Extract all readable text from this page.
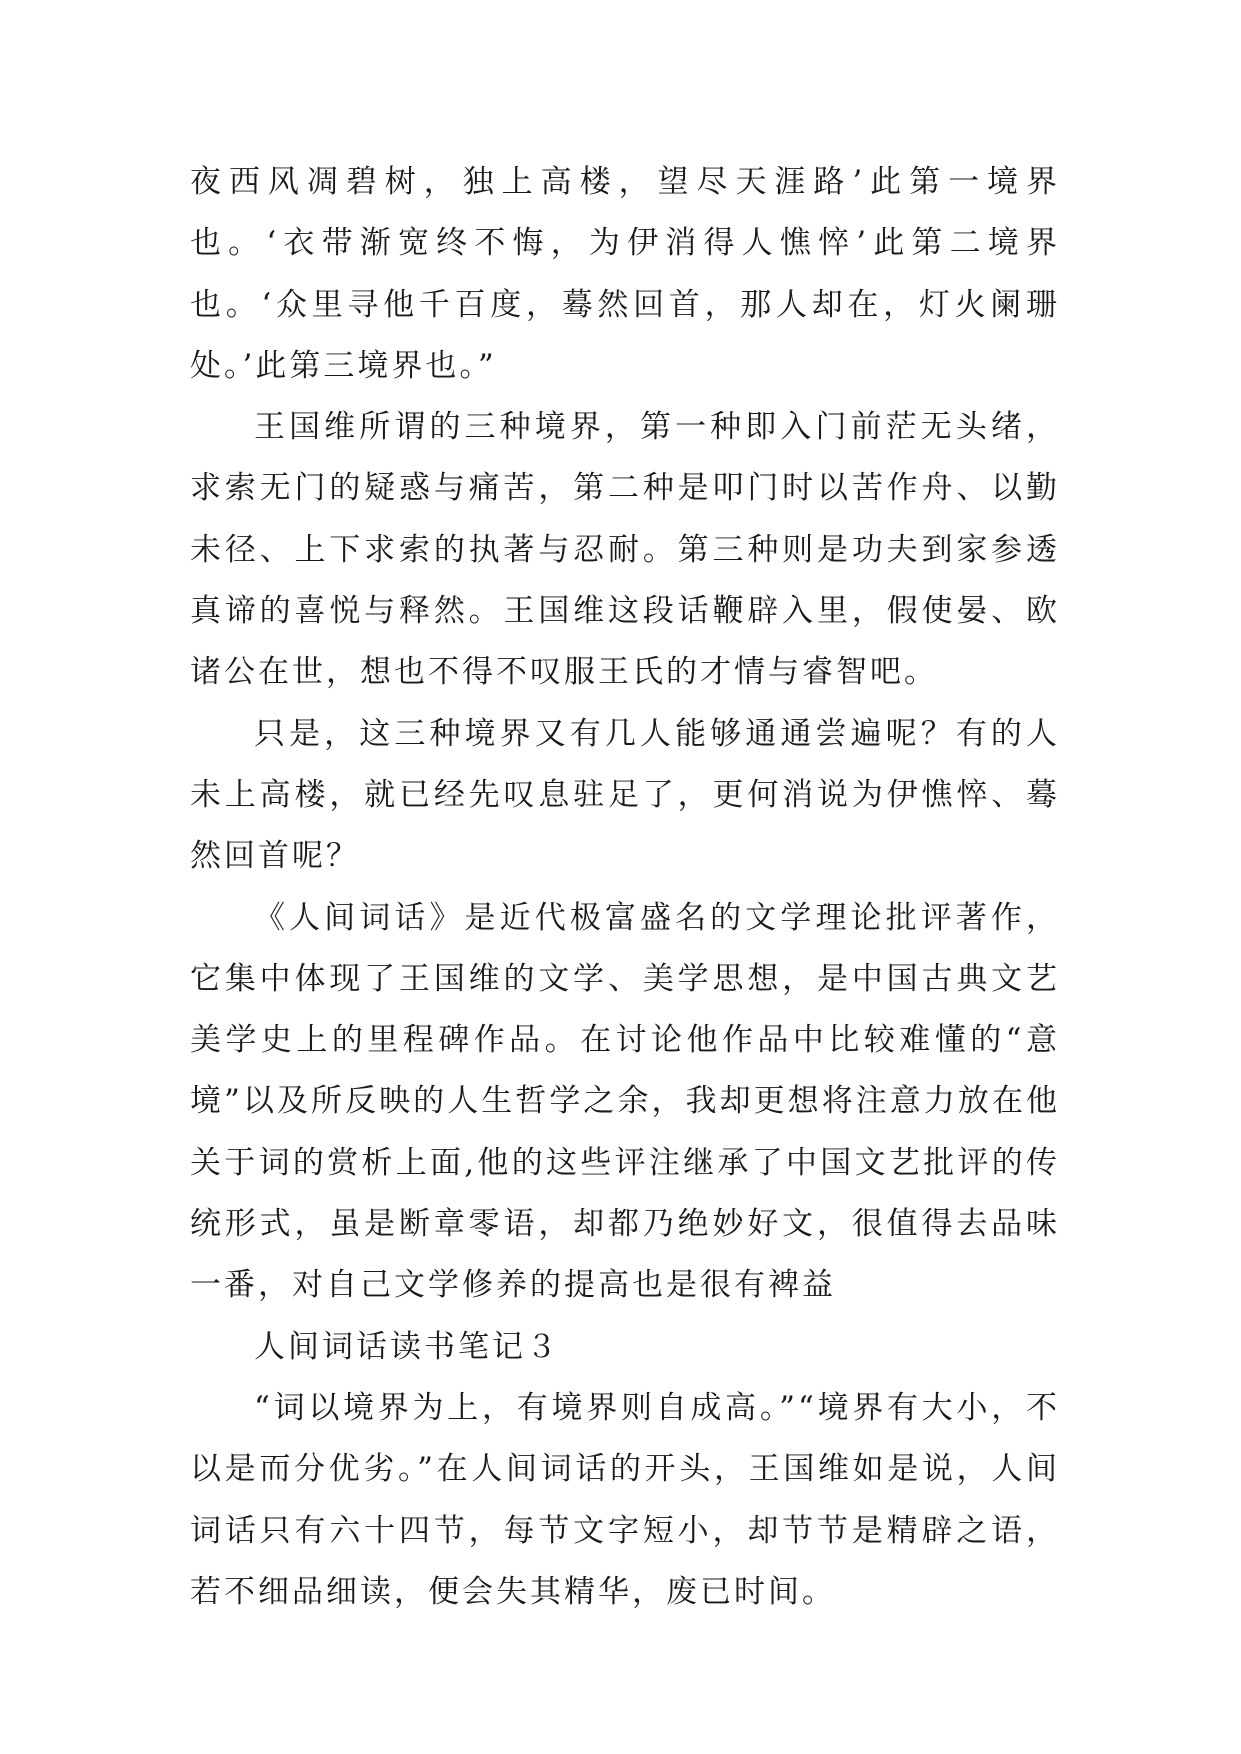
夜西风凋碧树，独上高楼，望尽天涯路’此第一境界也。‘衣带渐宽终不悔，为伊消得人憔悴’此第二境界也。‘众里寻他千百度，蓦然回首，那人却在，灯火阑珊处。’此第三境界也。”

王国维所谓的三种境界，第一种即入门前茫无头绪，求索无门的疑惑与痛苦，第二种是叩门时以苦作舟、以勤未径、上下求索的执著与忍耐。第三种则是功夫到家参透真谛的喜悦与释然。王国维这段话鞭辟入里，假使晏、欧诸公在世，想也不得不叹服王氏的才情与睿智吧。

只是，这三种境界又有几人能够通通尝遍呢？有的人未上高楼，就已经先叹息驻足了，更何消说为伊憔悴、蓦然回首呢？

《人间词话》是近代极富盛名的文学理论批评著作，它集中体现了王国维的文学、美学思想，是中国古典文艺美学史上的里程碑作品。在讨论他作品中比较难懂的“意境”以及所反映的人生哲学之余，我却更想将注意力放在他关于词的赏析上面,他的这些评注继承了中国文艺批评的传统形式，虽是断章零语，却都乃绝妙好文，很值得去品味一番，对自己文学修养的提高也是很有裨益

人间词话读书笔记３

“词以境界为上，有境界则自成高。”“境界有大小，不以是而分优劣。”在人间词话的开头，王国维如是说，人间词话只有六十四节，每节文字短小，却节节是精辟之语，若不细品细读，便会失其精华，废已时间。
